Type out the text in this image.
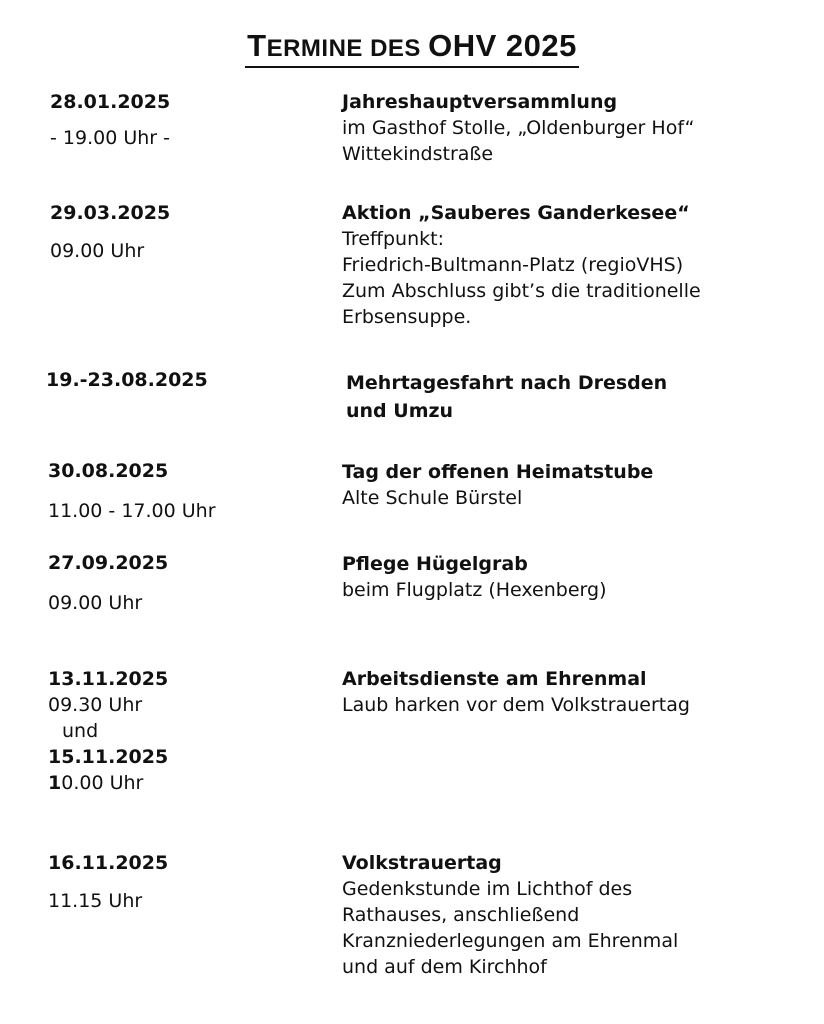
TERMINE DES OHV 2025
28.01.2025
- 19.00 Uhr -
Jahreshauptversammlung
im Gasthof Stolle, „Oldenburger Hof“
Wittekindstraße
29.03.2025
09.00 Uhr
Aktion „Sauberes Ganderkesee“
Treffpunkt:
Friedrich-Bultmann-Platz (regioVHS)
Zum Abschluss gibt’s die traditionelle
Erbsensuppe.
19.-23.08.2025	Mehrtagesfahrt nach Dresden
und Umzu
30.08.2025
11.00 - 17.00 Uhr
Tag der offenen Heimatstube
Alte Schule Bürstel
27.09.2025
09.00 Uhr
Pflege Hügelgrab
beim Flugplatz (Hexenberg)
13.11.2025
09.30 Uhr
und
15.11.2025
10.00 Uhr
Arbeitsdienste am Ehrenmal
Laub harken vor dem Volkstrauertag
16.11.2025
11.15 Uhr
Volkstrauertag
Gedenkstunde im Lichthof des
Rathauses, anschließend
Kranzniederlegungen am Ehrenmal
und auf dem Kirchhof
